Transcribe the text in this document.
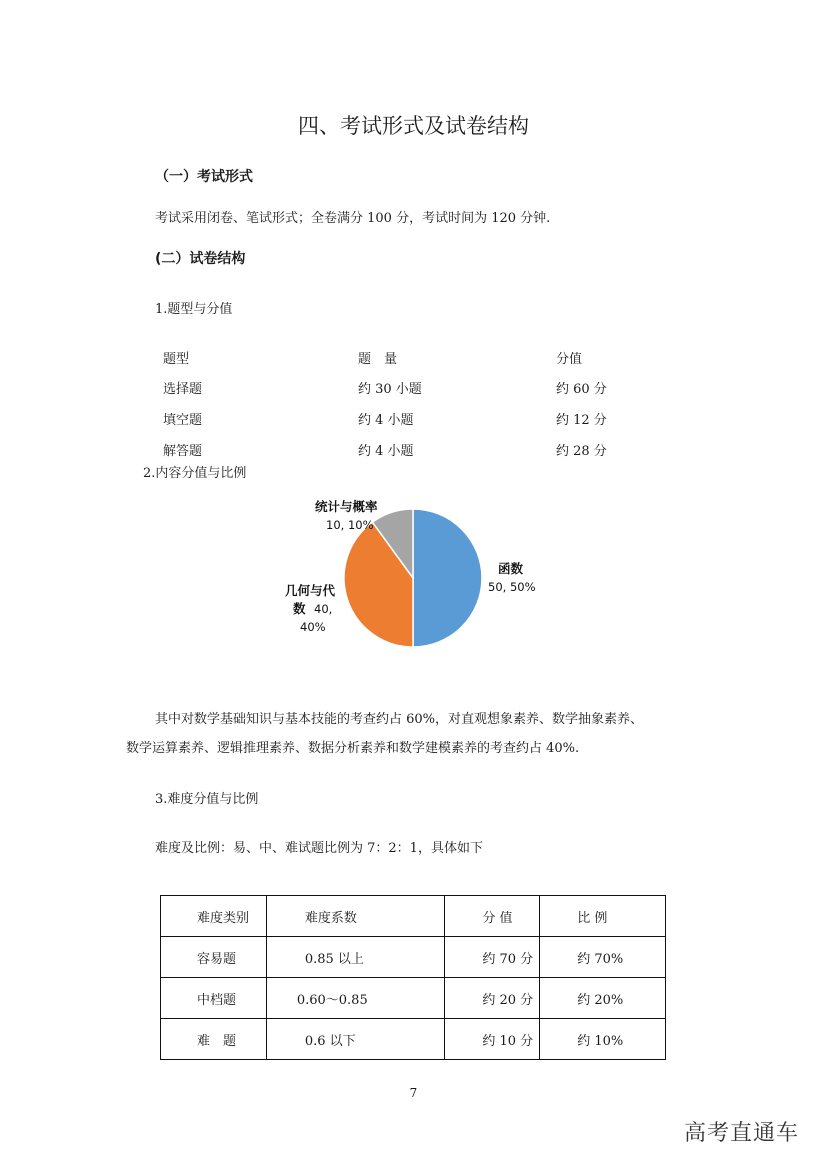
四、考试形式及试卷结构
（一）考试形式
考试采用闭卷、笔试形式；全卷满分 100 分，考试时间为 120 分钟.
(二）试卷结构
1.题型与分值
题型	题　量	分值
选择题	约 30 小题	约 60 分
填空题	约 4 小题	约 12 分
解答题	约 4 小题	约 28 分
2.内容分值与比例
函数
50, 50%
几何与代
数 40,
40%
统计与概率
10, 10%
其中对数学基础知识与基本技能的考查约占 60%，对直观想象素养、数学抽象素养、
数学运算素养、逻辑推理素养、数据分析素养和数学建模素养的考查约占 40%.
3.难度分值与比例
难度及比例：易、中、难试题比例为 7：2：1，具体如下
难度类别	难度系数	分 值	比 例
容易题	0.85 以上	约 70 分	约 70%
中档题	0.60～0.85	约 20 分	约 20%
难　题	0.6 以下	约 10 分	约 10%
7
高考直通车
